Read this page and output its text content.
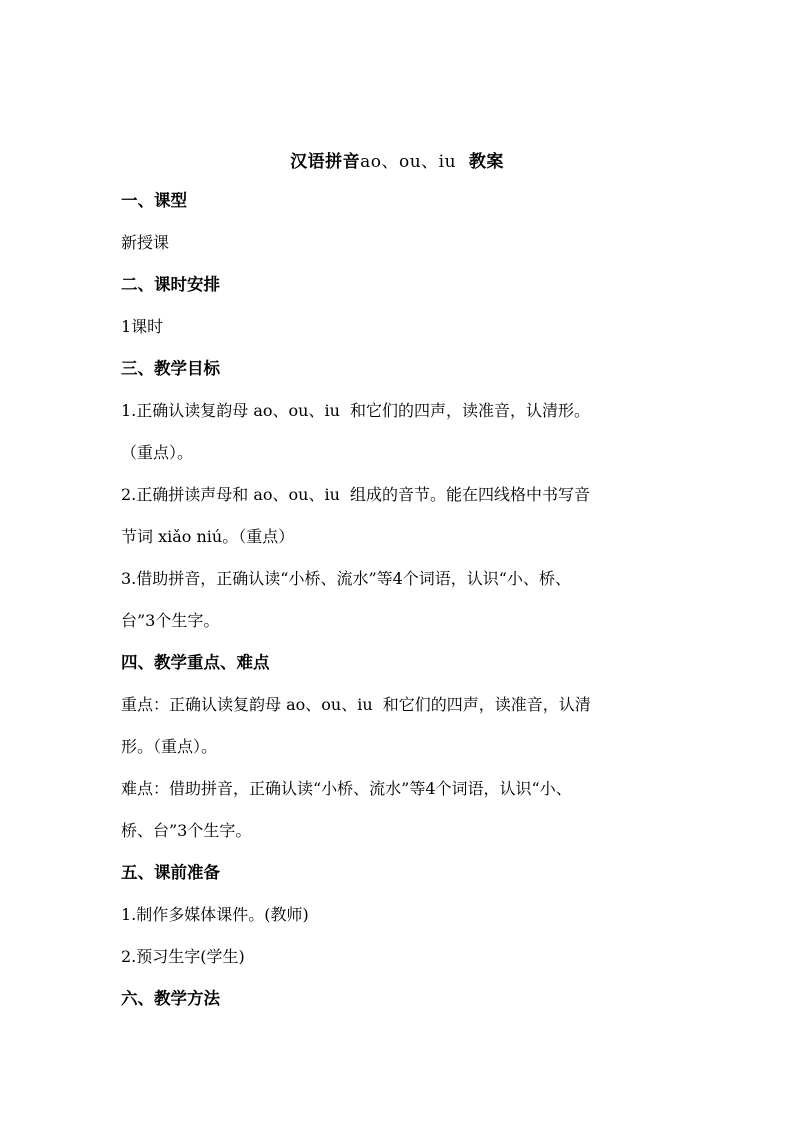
汉语拼音ao、ou、iu  教案
一、课型
新授课
二、课时安排
1课时
三、教学目标
1.正确认读复韵母 ao、ou、iu  和它们的四声，读准音，认清形。
（重点）。
2.正确拼读声母和 ao、ou、iu  组成的音节。能在四线格中书写音
节词 xiǎo niú。（重点）
3.借助拼音，正确认读“小桥、流水”等4个词语，认识“小、桥、
台”3个生字。
四、教学重点、难点
重点：正确认读复韵母 ao、ou、iu  和它们的四声，读准音，认清
形。（重点）。
难点：借助拼音，正确认读“小桥、流水”等4个词语，认识“小、
桥、台”3个生字。
五、课前准备
1.制作多媒体课件。(教师)
2.预习生字(学生)
六、教学方法
